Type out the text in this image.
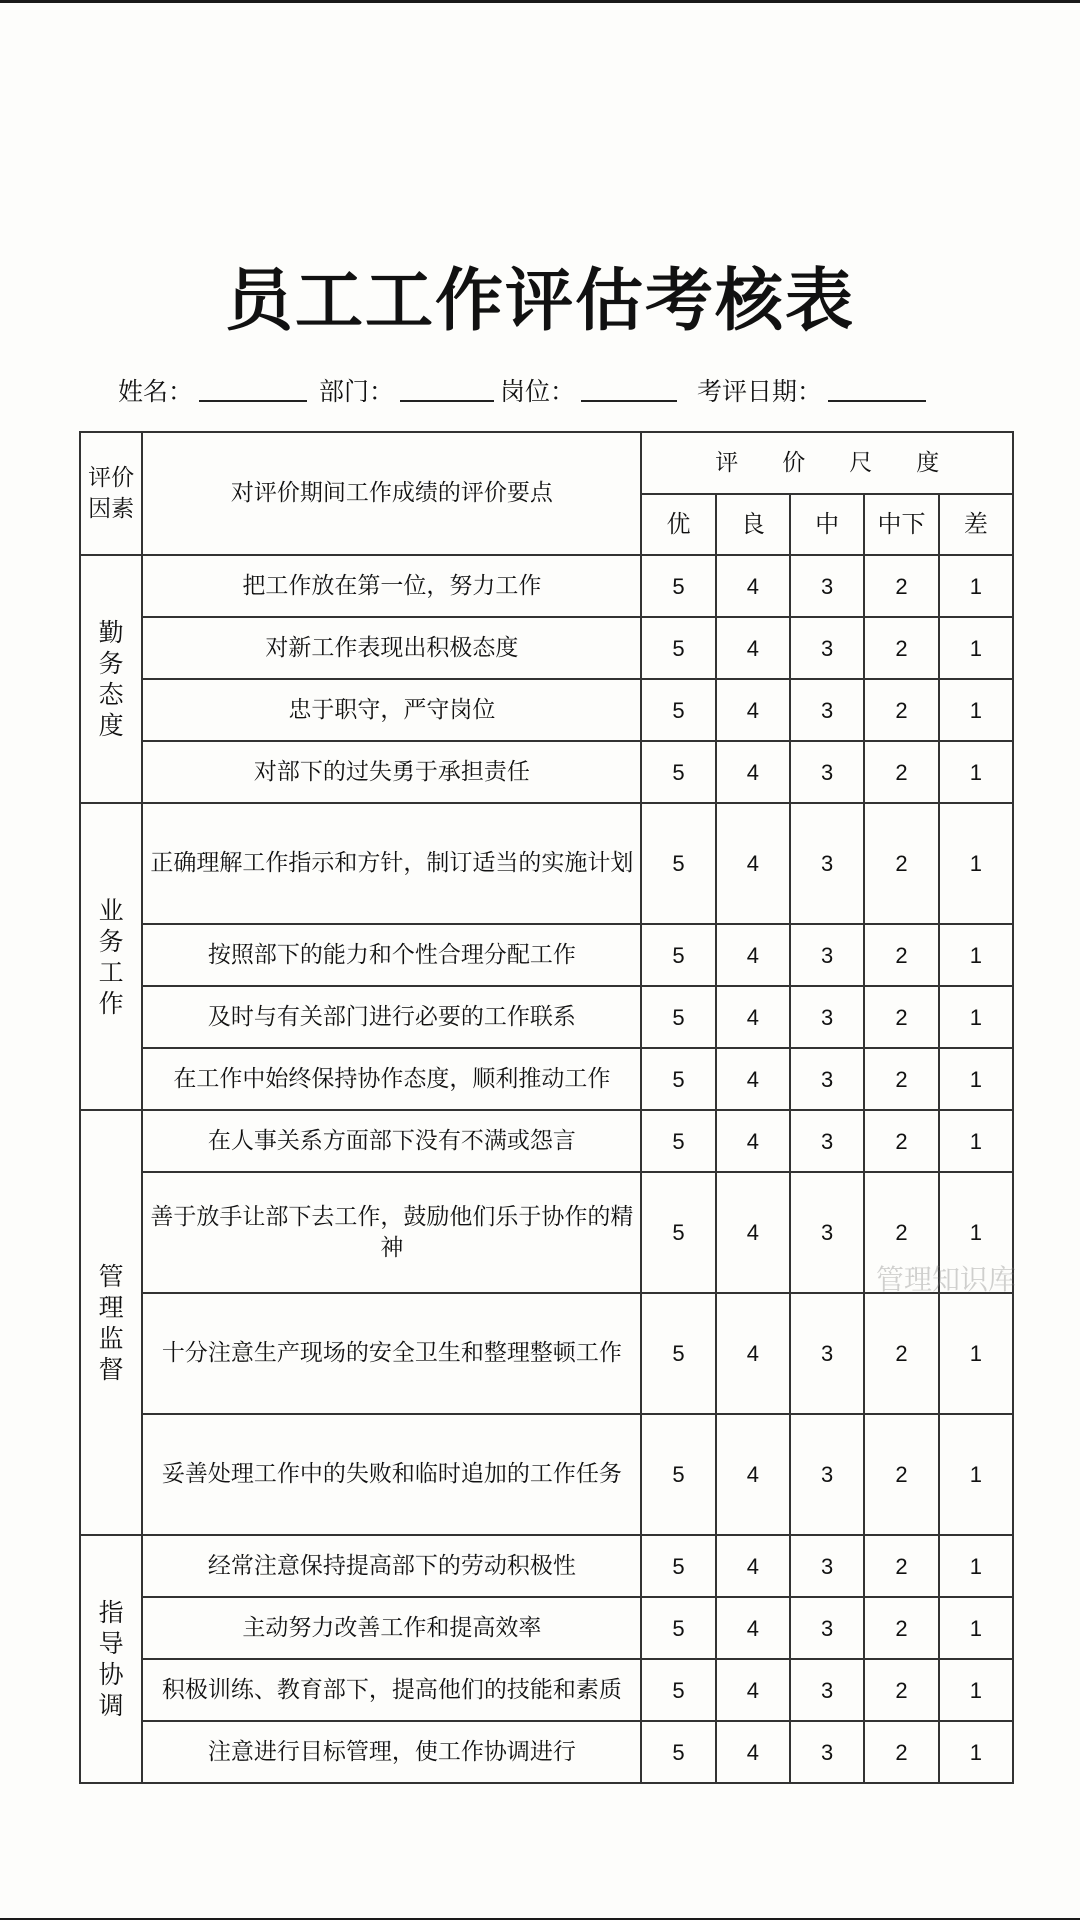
员工工作评估考核表
姓名：	部门：	岗位：	考评日期：
评价
因素	对评价期间工作成绩的评价要点	评 价 尺 度				
		优	良	中	中下	差

勤
务
态
度	把工作放在第一位，努力工作	5	4	3	2	1
	对新工作表现出积极态度	5	4	3	2	1
	忠于职守，严守岗位	5	4	3	2	1
	对部下的过失勇于承担责任	5	4	3	2	1

业
务
工
作	正确理解工作指示和方针，制订适当的实施计划	5	4	3	2	1
	按照部下的能力和个性合理分配工作	5	4	3	2	1
	及时与有关部门进行必要的工作联系	5	4	3	2	1
	在工作中始终保持协作态度，顺利推动工作	5	4	3	2	1

管
理
监
督	在人事关系方面部下没有不满或怨言	5	4	3	2	1
	善于放手让部下去工作，鼓励他们乐于协作的精神	5	4	3	2	1
	十分注意生产现场的安全卫生和整理整顿工作	5	4	3	2	1
	妥善处理工作中的失败和临时追加的工作任务	5	4	3	2	1

指
导
协
调	经常注意保持提高部下的劳动积极性	5	4	3	2	1
	主动努力改善工作和提高效率	5	4	3	2	1
	积极训练、教育部下，提高他们的技能和素质	5	4	3	2	1
	注意进行目标管理，使工作协调进行	5	4	3	2	1
管理知识库
